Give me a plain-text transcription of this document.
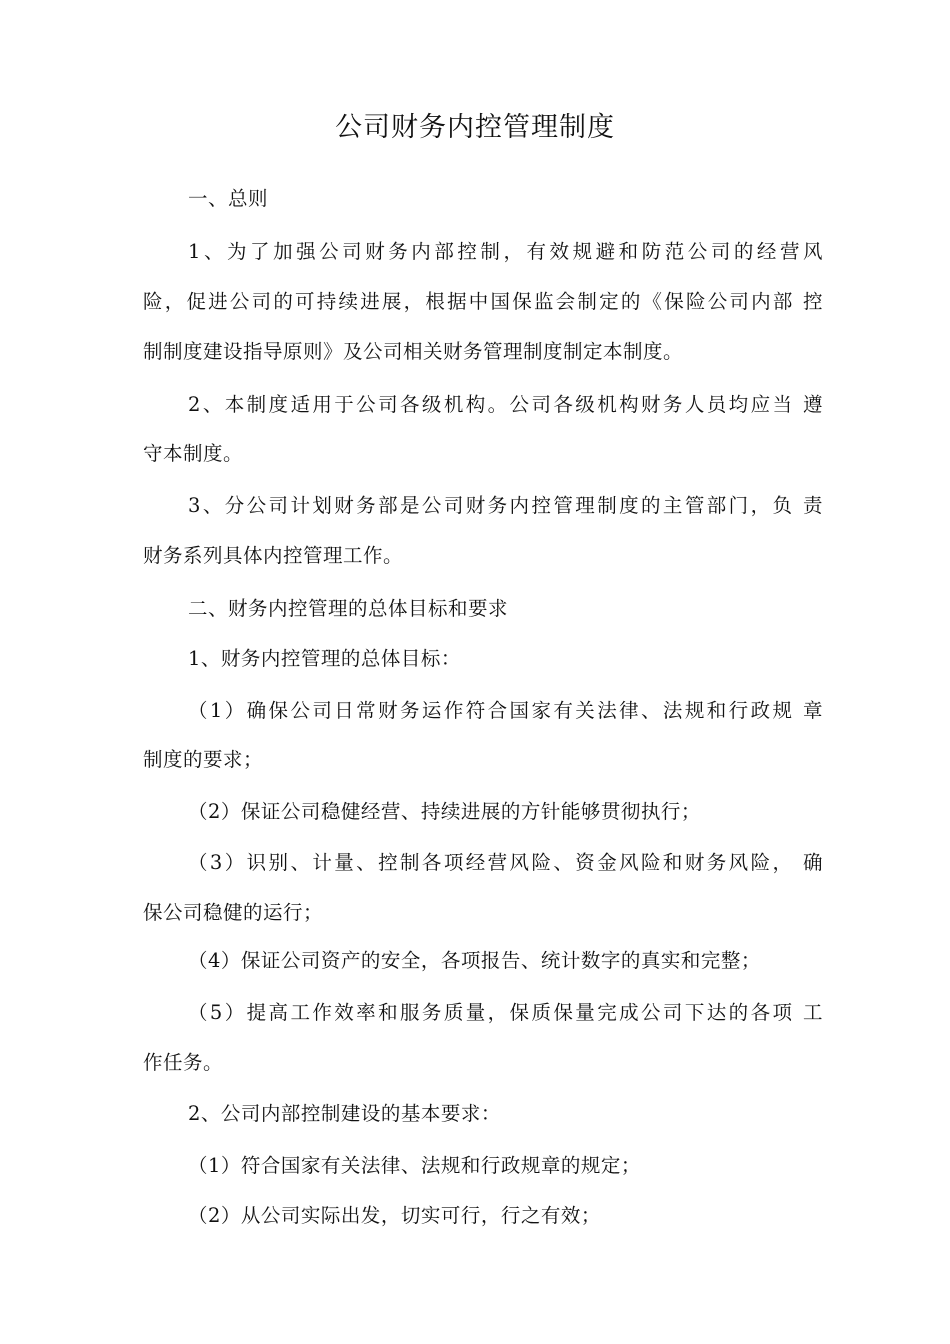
公司财务内控管理制度
一、总则
1、为了加强公司财务内部控制，有效规避和防范公司的经营风
险，促进公司的可持续进展，根据中国保监会制定的《保险公司内部 控
制制度建设指导原则》及公司相关财务管理制度制定本制度。
2、本制度适用于公司各级机构。公司各级机构财务人员均应当 遵
守本制度。
3、分公司计划财务部是公司财务内控管理制度的主管部门，负 责
财务系列具体内控管理工作。
二、财务内控管理的总体目标和要求
1、财务内控管理的总体目标：
（1）确保公司日常财务运作符合国家有关法律、法规和行政规 章
制度的要求；
（2）保证公司稳健经营、持续进展的方针能够贯彻执行；
（3）识别、计量、控制各项经营风险、资金风险和财务风险， 确
保公司稳健的运行；
（4）保证公司资产的安全，各项报告、统计数字的真实和完整；
（5）提高工作效率和服务质量，保质保量完成公司下达的各项 工
作任务。
2、公司内部控制建设的基本要求：
（1）符合国家有关法律、法规和行政规章的规定；
（2）从公司实际出发，切实可行，行之有效；
